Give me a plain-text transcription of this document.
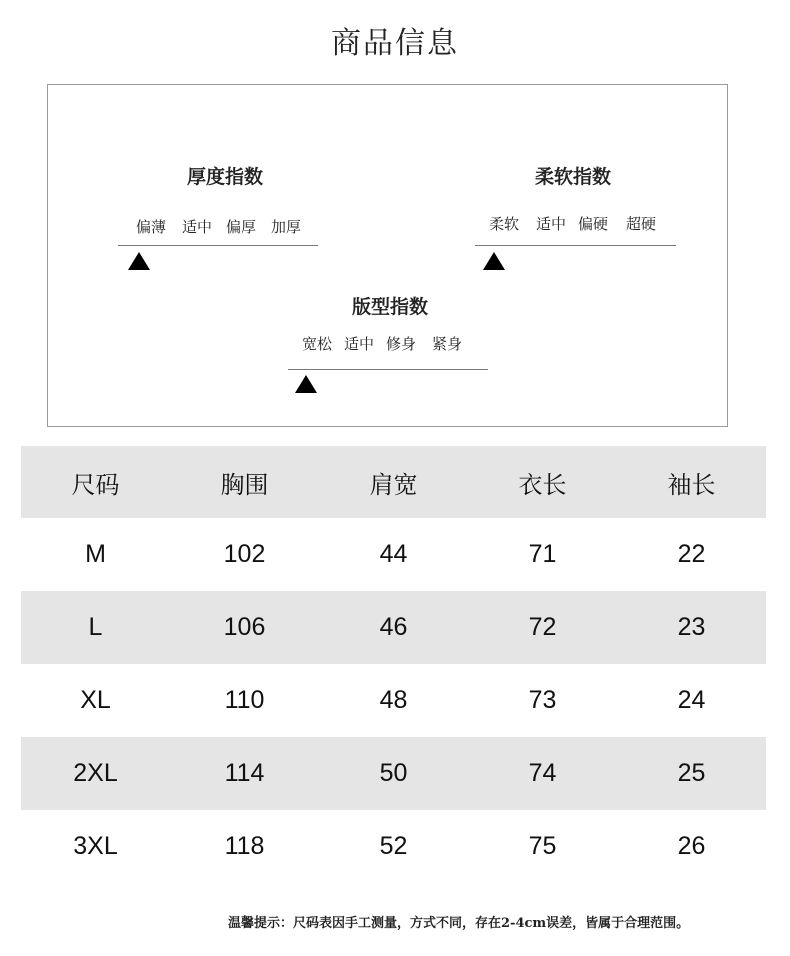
商品信息
厚度指数
偏薄 适中 偏厚 加厚
柔软指数
柔软 适中 偏硬 超硬
版型指数
宽松 适中 修身 紧身
尺码	胸围	肩宽	衣长	袖长
M	102	44	71	22
L	106	46	72	23
XL	110	48	73	24
2XL	114	50	74	25
3XL	118	52	75	26
温馨提示：尺码表因手工测量，方式不同，存在2-4cm误差，皆属于合理范围。
